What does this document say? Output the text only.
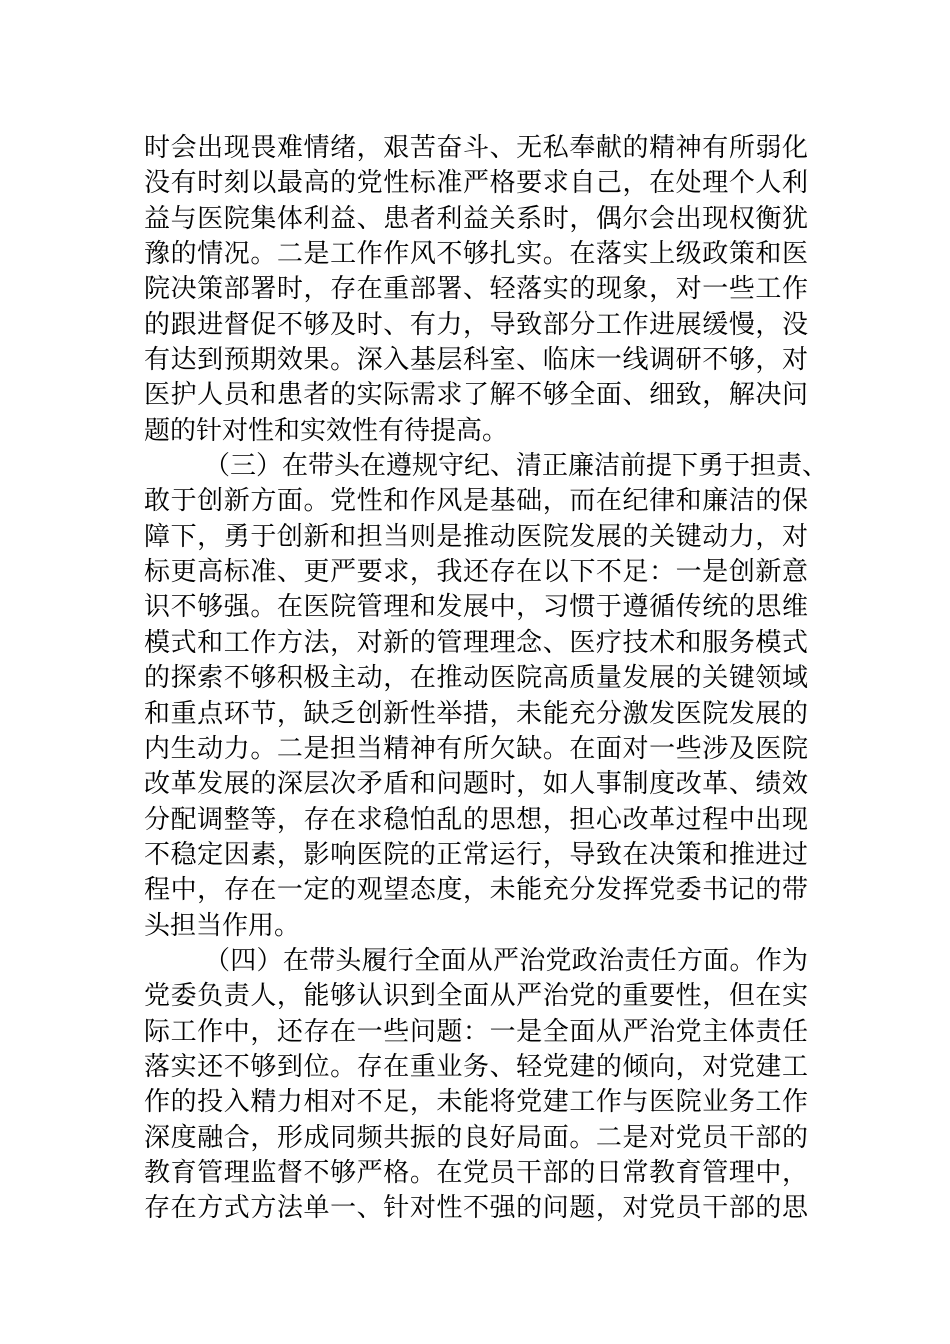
时会出现畏难情绪，艰苦奋斗、无私奉献的精神有所弱化
没有时刻以最高的党性标准严格要求自己，在处理个人利
益与医院集体利益、患者利益关系时，偶尔会出现权衡犹
豫的情况。二是工作作风不够扎实。在落实上级政策和医
院决策部署时，存在重部署、轻落实的现象，对一些工作
的跟进督促不够及时、有力，导致部分工作进展缓慢，没
有达到预期效果。深入基层科室、临床一线调研不够，对
医护人员和患者的实际需求了解不够全面、细致，解决问
题的针对性和实效性有待提高。
（三）在带头在遵规守纪、清正廉洁前提下勇于担责、
敢于创新方面。党性和作风是基础，而在纪律和廉洁的保
障下，勇于创新和担当则是推动医院发展的关键动力，对
标更高标准、更严要求，我还存在以下不足：一是创新意
识不够强。在医院管理和发展中，习惯于遵循传统的思维
模式和工作方法，对新的管理理念、医疗技术和服务模式
的探索不够积极主动，在推动医院高质量发展的关键领域
和重点环节，缺乏创新性举措，未能充分激发医院发展的
内生动力。二是担当精神有所欠缺。在面对一些涉及医院
改革发展的深层次矛盾和问题时，如人事制度改革、绩效
分配调整等，存在求稳怕乱的思想，担心改革过程中出现
不稳定因素，影响医院的正常运行，导致在决策和推进过
程中，存在一定的观望态度，未能充分发挥党委书记的带
头担当作用。
（四）在带头履行全面从严治党政治责任方面。作为
党委负责人，能够认识到全面从严治党的重要性，但在实
际工作中，还存在一些问题：一是全面从严治党主体责任
落实还不够到位。存在重业务、轻党建的倾向，对党建工
作的投入精力相对不足，未能将党建工作与医院业务工作
深度融合，形成同频共振的良好局面。二是对党员干部的
教育管理监督不够严格。在党员干部的日常教育管理中，
存在方式方法单一、针对性不强的问题，对党员干部的思
